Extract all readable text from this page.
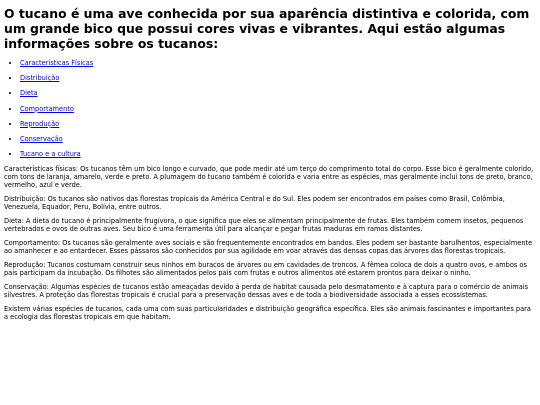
O tucano é uma ave conhecida por sua aparência distintiva e colorida, com um grande bico que possui cores vivas e vibrantes. Aqui estão algumas informações sobre os tucanos:
• Características Físicas
• Distribuição
• Dieta
• Comportamento
• Reprodução
• Conservação
• Tucano e a cultura

Características físicas: Os tucanos têm um bico longo e curvado, que pode medir até um terço do comprimento total do corpo. Esse bico é geralmente colorido, com tons de laranja, amarelo, verde e preto. A plumagem do tucano também é colorida e varia entre as espécies, mas geralmente inclui tons de preto, branco, vermelho, azul e verde.

Distribuição: Os tucanos são nativos das florestas tropicais da América Central e do Sul. Eles podem ser encontrados em países como Brasil, Colômbia, Venezuela, Equador, Peru, Bolívia, entre outros.

Dieta: A dieta do tucano é principalmente frugívora, o que significa que eles se alimentam principalmente de frutas. Eles também comem insetos, pequenos vertebrados e ovos de outras aves. Seu bico é uma ferramenta útil para alcançar e pegar frutas maduras em ramos distantes.

Comportamento: Os tucanos são geralmente aves sociais e são frequentemente encontrados em bandos. Eles podem ser bastante barulhentos, especialmente ao amanhecer e ao entardecer. Esses pássaros são conhecidos por sua agilidade em voar através das densas copas das árvores das florestas tropicais.

Reprodução: Tucanos costumam construir seus ninhos em buracos de árvores ou em cavidades de troncos. A fêmea coloca de dois a quatro ovos, e ambos os pais participam da incubação. Os filhotes são alimentados pelos pais com frutas e outros alimentos até estarem prontos para deixar o ninho.

Conservação: Algumas espécies de tucanos estão ameaçadas devido à perda de habitat causada pelo desmatamento e à captura para o comércio de animais silvestres. A proteção das florestas tropicais é crucial para a preservação dessas aves e de toda a biodiversidade associada a esses ecossistemas.

Existem várias espécies de tucanos, cada uma com suas particularidades e distribuição geográfica específica. Eles são animais fascinantes e importantes para a ecologia das florestas tropicais em que habitam.
